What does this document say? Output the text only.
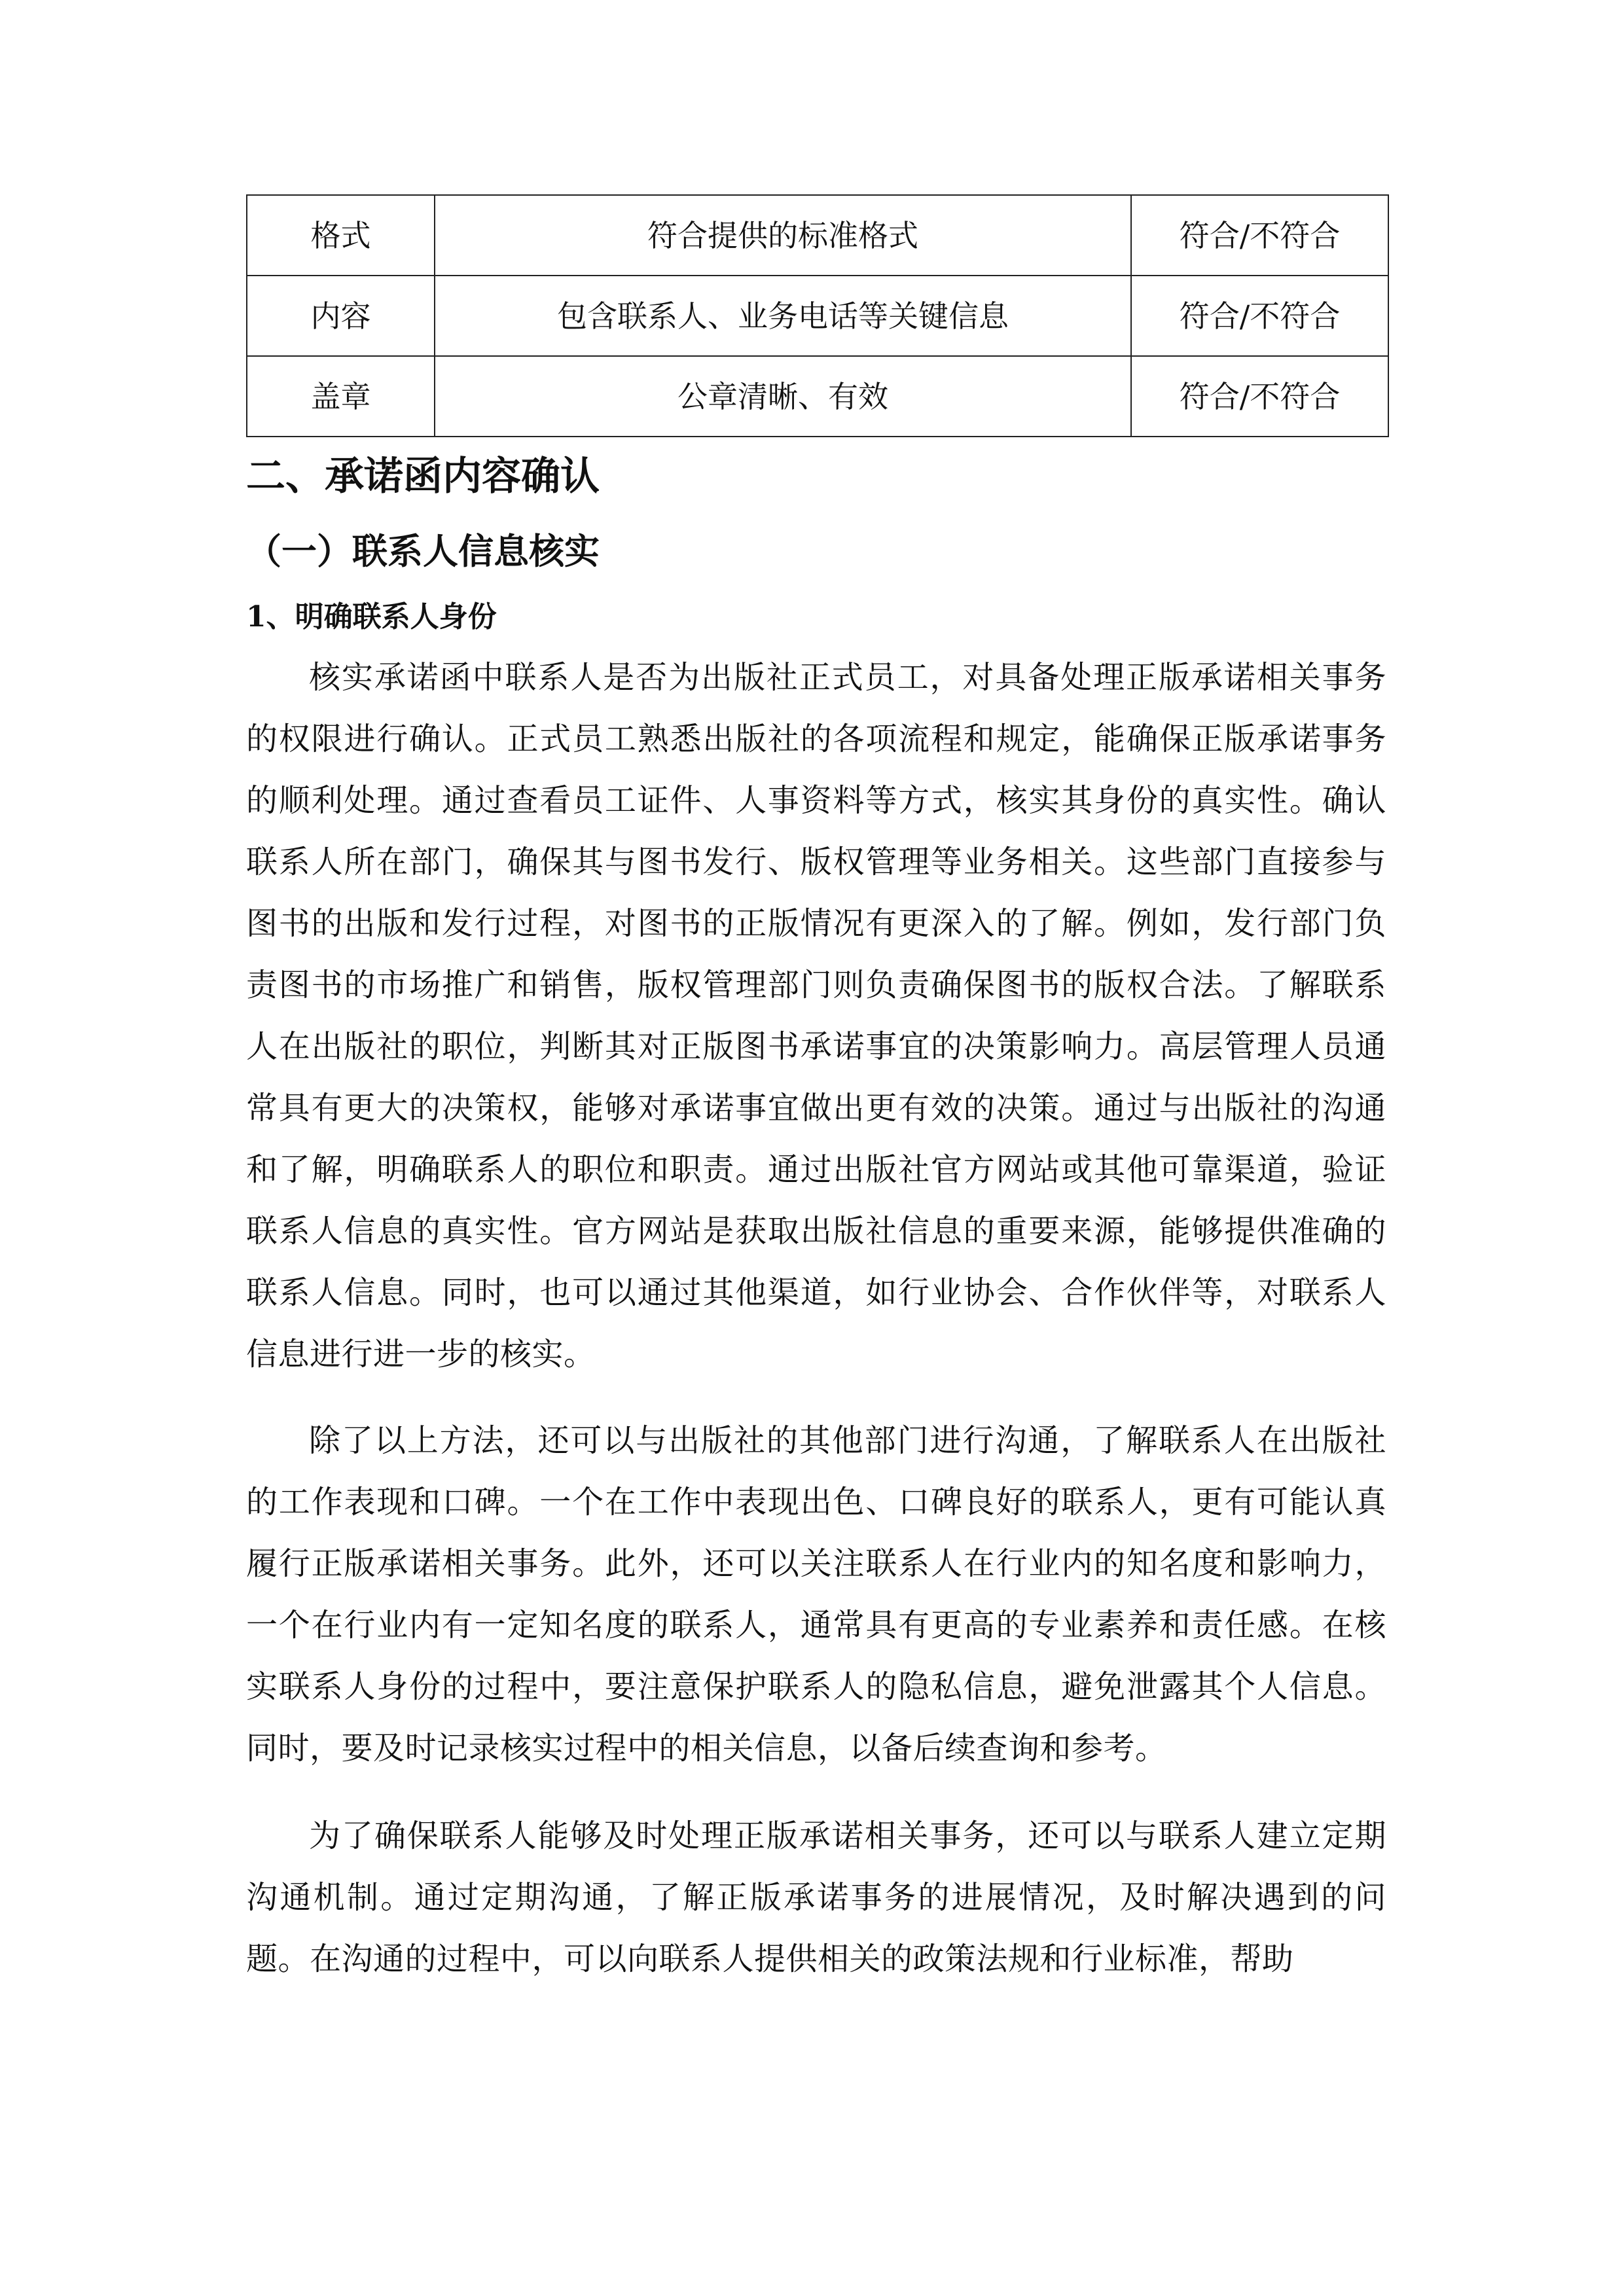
格式	符合提供的标准格式	符合/不符合
内容	包含联系人、业务电话等关键信息	符合/不符合
盖章	公章清晰、有效	符合/不符合
二、承诺函内容确认
（一）联系人信息核实
1、明确联系人身份

核实承诺函中联系人是否为出版社正式员工，对具备处理正版承诺相关事务的权限进行确认。正式员工熟悉出版社的各项流程和规定，能确保正版承诺事务的顺利处理。通过查看员工证件、人事资料等方式，核实其身份的真实性。确认联系人所在部门，确保其与图书发行、版权管理等业务相关。这些部门直接参与图书的出版和发行过程，对图书的正版情况有更深入的了解。例如，发行部门负责图书的市场推广和销售，版权管理部门则负责确保图书的版权合法。了解联系人在出版社的职位，判断其对正版图书承诺事宜的决策影响力。高层管理人员通常具有更大的决策权，能够对承诺事宜做出更有效的决策。通过与出版社的沟通和了解，明确联系人的职位和职责。通过出版社官方网站或其他可靠渠道，验证联系人信息的真实性。官方网站是获取出版社信息的重要来源，能够提供准确的联系人信息。同时，也可以通过其他渠道，如行业协会、合作伙伴等，对联系人信息进行进一步的核实。

除了以上方法，还可以与出版社的其他部门进行沟通，了解联系人在出版社的工作表现和口碑。一个在工作中表现出色、口碑良好的联系人，更有可能认真履行正版承诺相关事务。此外，还可以关注联系人在行业内的知名度和影响力，一个在行业内有一定知名度的联系人，通常具有更高的专业素养和责任感。在核实联系人身份的过程中，要注意保护联系人的隐私信息，避免泄露其个人信息。同时，要及时记录核实过程中的相关信息，以备后续查询和参考。

为了确保联系人能够及时处理正版承诺相关事务，还可以与联系人建立定期沟通机制。通过定期沟通，了解正版承诺事务的进展情况，及时解决遇到的问题。在沟通的过程中，可以向联系人提供相关的政策法规和行业标准，帮助
